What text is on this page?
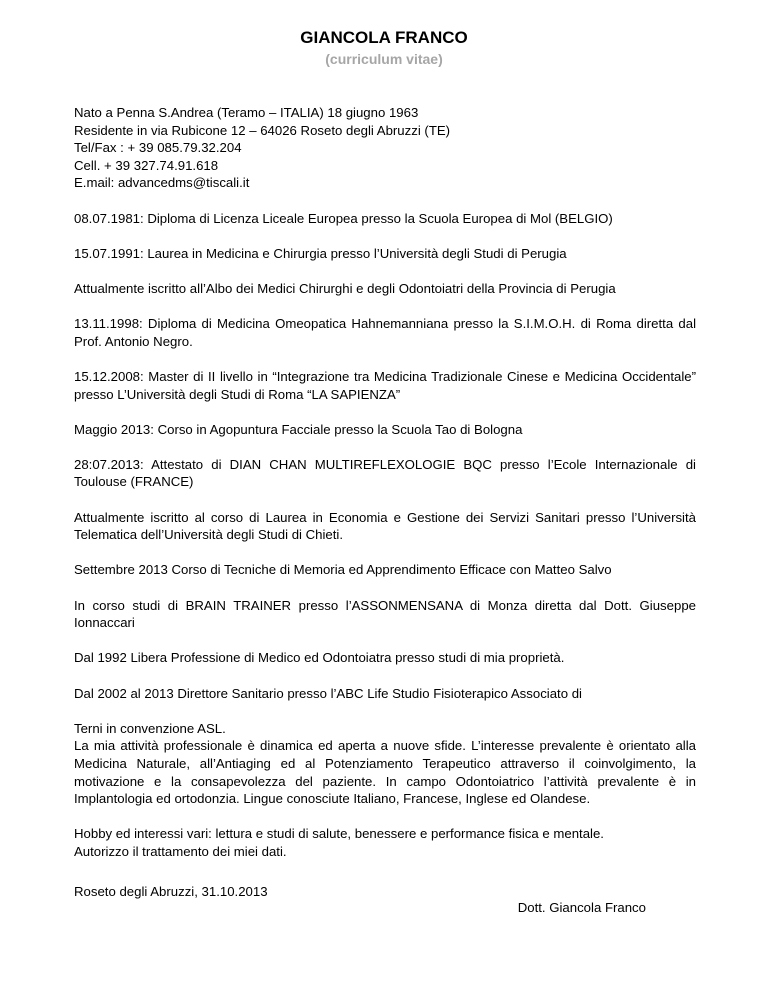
GIANCOLA FRANCO
(curriculum vitae)
Nato a Penna S.Andrea (Teramo – ITALIA) 18 giugno 1963
Residente in via Rubicone 12 – 64026 Roseto degli Abruzzi (TE)
Tel/Fax : + 39 085.79.32.204
Cell. + 39 327.74.91.618
E.mail: advancedms@tiscali.it

08.07.1981: Diploma di Licenza Liceale Europea presso la Scuola Europea di Mol (BELGIO)

15.07.1991: Laurea in Medicina e Chirurgia presso l’Università degli Studi di Perugia

Attualmente iscritto all’Albo dei Medici Chirurghi e degli Odontoiatri della Provincia di Perugia

13.11.1998: Diploma di Medicina Omeopatica Hahnemanniana presso la S.I.M.O.H. di Roma diretta dal Prof. Antonio Negro.

15.12.2008: Master di II livello in “Integrazione tra Medicina Tradizionale Cinese e Medicina Occidentale” presso L’Università degli Studi di Roma “LA SAPIENZA”

Maggio 2013: Corso in Agopuntura Facciale presso la Scuola Tao di Bologna

28:07.2013: Attestato di DIAN CHAN MULTIREFLEXOLOGIE BQC presso l’Ecole Internazionale di Toulouse (FRANCE)

Attualmente iscritto al corso di Laurea in Economia e Gestione dei Servizi Sanitari presso l’Università Telematica dell’Università degli Studi di Chieti.

Settembre 2013 Corso di Tecniche di Memoria ed Apprendimento Efficace con Matteo Salvo

In corso studi di BRAIN TRAINER presso l’ASSONMENSANA di Monza diretta dal Dott. Giuseppe Ionnaccari

Dal 1992 Libera Professione di Medico ed Odontoiatra presso studi di mia proprietà.

Dal 2002 al 2013 Direttore Sanitario presso l’ABC Life Studio Fisioterapico Associato di

Terni in convenzione ASL.

La mia attività professionale è dinamica ed aperta a nuove sfide. L’interesse prevalente è orientato alla Medicina Naturale, all’Antiaging ed al Potenziamento Terapeutico attraverso il coinvolgimento, la motivazione e la consapevolezza del paziente. In campo Odontoiatrico l’attività prevalente è in Implantologia ed ortodonzia. Lingue conosciute Italiano, Francese, Inglese ed Olandese.

Hobby ed interessi vari: lettura e studi di salute, benessere e performance fisica e mentale.
Autorizzo il trattamento dei miei dati.
Roseto degli Abruzzi, 31.10.2013
Dott. Giancola Franco
